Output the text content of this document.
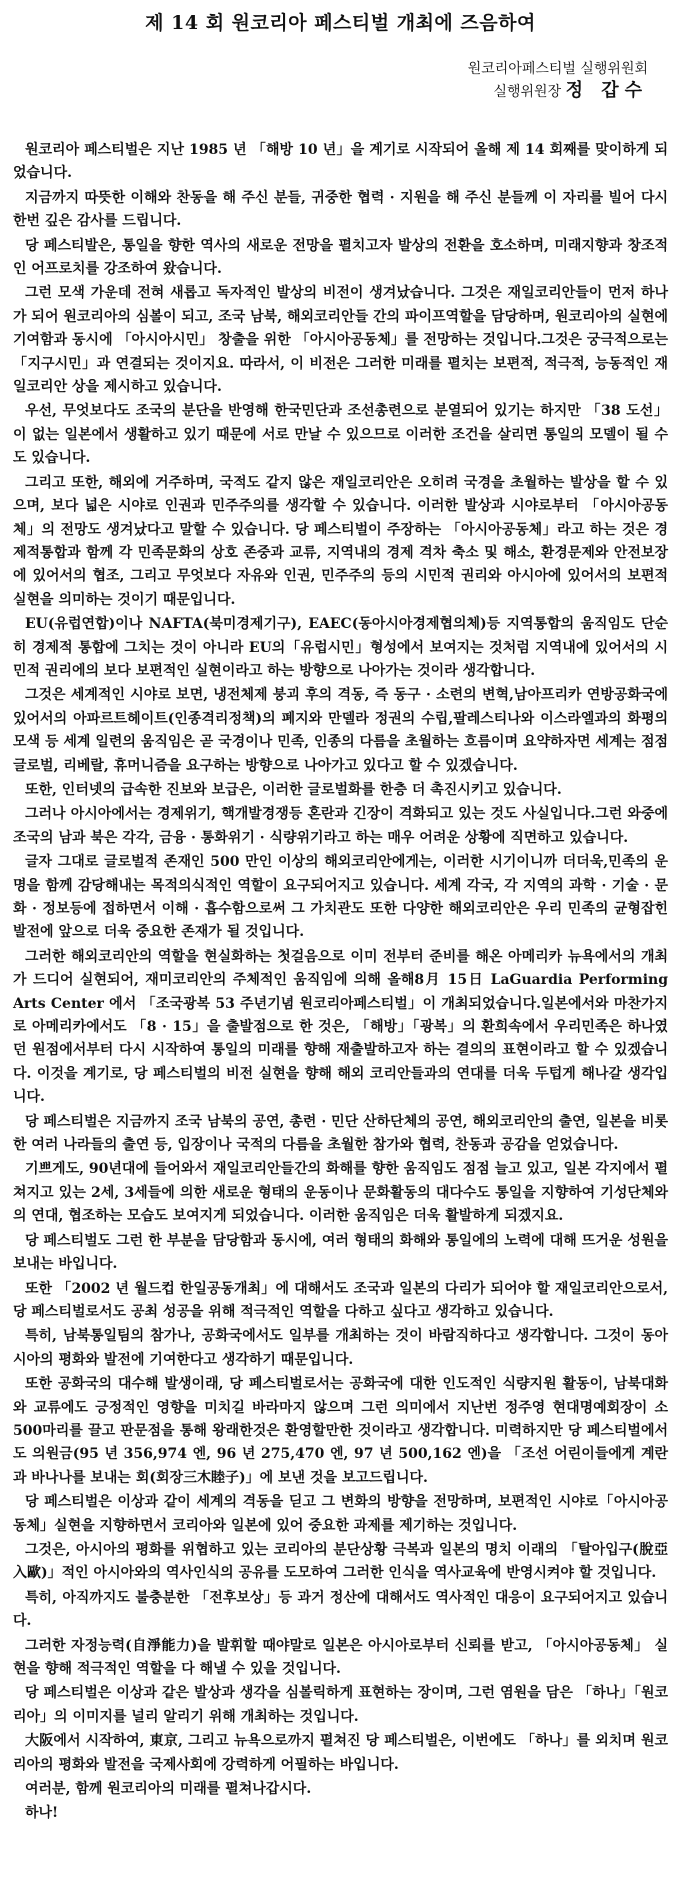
제 14 회 원코리아 페스티벌 개최에 즈음하여
원코리아페스티벌 실행위원회
실행위원장 정 갑수

원코리아 페스티벌은 지난 1985 년 「해방 10 년」을 계기로 시작되어 올해 제 14 회째를 맞이하게 되었습니다.

지금까지 따뜻한 이해와 찬동을 해 주신 분들, 귀중한 협력 · 지원을 해 주신 분들께 이 자리를 빌어 다시 한번 깊은 감사를 드립니다.

당 페스티발은, 통일을 향한 역사의 새로운 전망을 펼치고자 발상의 전환을 호소하며, 미래지향과 창조적인 어프로치를 강조하여 왔습니다.

그런 모색 가운데 전혀 새롭고 독자적인 발상의 비전이 생겨났습니다. 그것은 재일코리안들이 먼저 하나가 되어 원코리아의 심볼이 되고, 조국 남북, 해외코리안들 간의 파이프역할을 담당하며, 원코리아의 실현에 기여함과 동시에 「아시아시민」 창출을 위한 「아시아공동체」를 전망하는 것입니다.그것은 궁극적으로는 「지구시민」과 연결되는 것이지요. 따라서, 이 비전은 그러한 미래를 펼치는 보편적, 적극적, 능동적인 재일코리안 상을 제시하고 있습니다.

우선, 무엇보다도 조국의 분단을 반영해 한국민단과 조선총련으로 분열되어 있기는 하지만 「38 도선」이 없는 일본에서 생활하고 있기 때문에 서로 만날 수 있으므로 이러한 조건을 살리면 통일의 모델이 될 수도 있습니다.

그리고 또한, 해외에 거주하며, 국적도 같지 않은 재일코리안은 오히려 국경을 초월하는 발상을 할 수 있으며, 보다 넓은 시야로 인권과 민주주의를 생각할 수 있습니다. 이러한 발상과 시야로부터 「아시아공동체」의 전망도 생겨났다고 말할 수 있습니다. 당 페스티벌이 주장하는 「아시아공동체」라고 하는 것은 경제적통합과 함께 각 민족문화의 상호 존중과 교류, 지역내의 경제 격차 축소 및 해소, 환경문제와 안전보장에 있어서의 협조, 그리고 무엇보다 자유와 인권, 민주주의 등의 시민적 권리와 아시아에 있어서의 보편적 실현을 의미하는 것이기 때문입니다.

EU(유럽연합)이나 NAFTA(북미경제기구), EAEC(동아시아경제협의체)등 지역통합의 움직임도 단순히 경제적 통합에 그치는 것이 아니라 EU의「유럽시민」형성에서 보여지는 것처럼 지역내에 있어서의 시민적 권리에의 보다 보편적인 실현이라고 하는 방향으로 나아가는 것이라 생각합니다.

그것은 세계적인 시야로 보면, 냉전체제 붕괴 후의 격동, 즉 동구 · 소련의 변혁,남아프리카 연방공화국에 있어서의 아파르트헤이트(인종격리정책)의 폐지와 만델라 정권의 수립,팔레스티나와 이스라엘과의 화평의 모색 등 세계 일련의 움직임은 곧 국경이나 민족, 인종의 다름을 초월하는 흐름이며 요약하자면 세계는 점점 글로벌, 리베랄, 휴머니즘을 요구하는 방향으로 나아가고 있다고 할 수 있겠습니다.

또한, 인터넷의 급속한 진보와 보급은, 이러한 글로벌화를 한층 더 촉진시키고 있습니다.

그러나 아시아에서는 경제위기, 핵개발경쟁등 혼란과 긴장이 격화되고 있는 것도 사실입니다.그런 와중에 조국의 남과 북은 각각, 금융 · 통화위기 · 식량위기라고 하는 매우 어려운 상황에 직면하고 있습니다.

글자 그대로 글로벌적 존재인 500 만인 이상의 해외코리안에게는, 이러한 시기이니까 더더욱,민족의 운명을 함께 감당해내는 목적의식적인 역할이 요구되어지고 있습니다. 세계 각국, 각 지역의 과학 · 기술 · 문화 · 정보등에 접하면서 이해 · 흡수함으로써 그 가치관도 또한 다양한 해외코리안은 우리 민족의 균형잡힌 발전에 앞으로 더욱 중요한 존재가 될 것입니다.

그러한 해외코리안의 역할을 현실화하는 첫걸음으로 이미 전부터 준비를 해온 아메리카 뉴욕에서의 개최가 드디어 실현되어, 재미코리안의 주체적인 움직임에 의해 올해8月 15日 LaGuardia Performing Arts Center 에서 「조국광복 53 주년기념 원코리아페스티벌」이 개최되었습니다.일본에서와 마찬가지로 아메리카에서도 「8 · 15」을 출발점으로 한 것은, 「해방」「광복」의 환희속에서 우리민족은 하나였던 원점에서부터 다시 시작하여 통일의 미래를 향해 재출발하고자 하는 결의의 표현이라고 할 수 있겠습니다. 이것을 계기로, 당 페스티벌의 비전 실현을 향해 해외 코리안들과의 연대를 더욱 두텁게 해나갈 생각입니다.

당 페스티벌은 지금까지 조국 남북의 공연, 총련 · 민단 산하단체의 공연, 해외코리안의 출연, 일본을 비롯한 여러 나라들의 출연 등, 입장이나 국적의 다름을 초월한 참가와 협력, 찬동과 공감을 얻었습니다.

기쁘게도, 90년대에 들어와서 재일코리안들간의 화해를 향한 움직임도 점점 늘고 있고, 일본 각지에서 펼쳐지고 있는 2세, 3세들에 의한 새로운 형태의 운동이나 문화활동의 대다수도 통일을 지향하여 기성단체와의 연대, 협조하는 모습도 보여지게 되었습니다. 이러한 움직임은 더욱 활발하게 되겠지요.

당 페스티벌도 그런 한 부분을 담당함과 동시에, 여러 형태의 화해와 통일에의 노력에 대해 뜨거운 성원을 보내는 바입니다.

또한 「2002 년 월드컵 한일공동개최」에 대해서도 조국과 일본의 다리가 되어야 할 재일코리안으로서, 당 페스티벌로서도 공최 성공을 위해 적극적인 역할을 다하고 싶다고 생각하고 있습니다.

특히, 남북통일팀의 참가나, 공화국에서도 일부를 개최하는 것이 바람직하다고 생각합니다. 그것이 동아시아의 평화와 발전에 기여한다고 생각하기 때문입니다.

또한 공화국의 대수해 발생이래, 당 페스티벌로서는 공화국에 대한 인도적인 식량지원 활동이, 남북대화와 교류에도 긍정적인 영향을 미치길 바라마지 않으며 그런 의미에서 지난번 정주영 현대명예회장이 소 500마리를 끌고 판문점을 통해 왕래한것은 환영할만한 것이라고 생각합니다. 미력하지만 당 페스티벌에서도 의원금(95 년 356,974 엔, 96 년 275,470 엔, 97 년 500,162 엔)을 「조선 어린이들에게 계란과 바나나를 보내는 회(회장三木睦子)」에 보낸 것을 보고드립니다.

당 페스티벌은 이상과 같이 세계의 격동을 딛고 그 변화의 방향을 전망하며, 보편적인 시야로「아시아공동체」실현을 지향하면서 코리아와 일본에 있어 중요한 과제를 제기하는 것입니다.

그것은, 아시아의 평화를 위협하고 있는 코리아의 분단상황 극복과 일본의 명치 이래의 「탈아입구(脫亞入歐)」적인 아시아와의 역사인식의 공유를 도모하여 그러한 인식을 역사교육에 반영시켜야 할 것입니다.

특히, 아직까지도 불충분한 「전후보상」등 과거 정산에 대해서도 역사적인 대응이 요구되어지고 있습니다.

그러한 자정능력(自淨能力)을 발휘할 때야말로 일본은 아시아로부터 신뢰를 받고, 「아시아공동체」 실현을 향해 적극적인 역할을 다 해낼 수 있을 것입니다.

당 페스티벌은 이상과 같은 발상과 생각을 심볼릭하게 표현하는 장이며, 그런 염원을 담은 「하나」「원코리아」의 이미지를 널리 알리기 위해 개최하는 것입니다.

大阪에서 시작하여, 東京, 그리고 뉴욕으로까지 펼쳐진 당 페스티벌은, 이번에도 「하나」를 외치며 원코리아의 평화와 발전을 국제사회에 강력하게 어필하는 바입니다.

여러분, 함께 원코리아의 미래를 펼쳐나갑시다.

하나!
